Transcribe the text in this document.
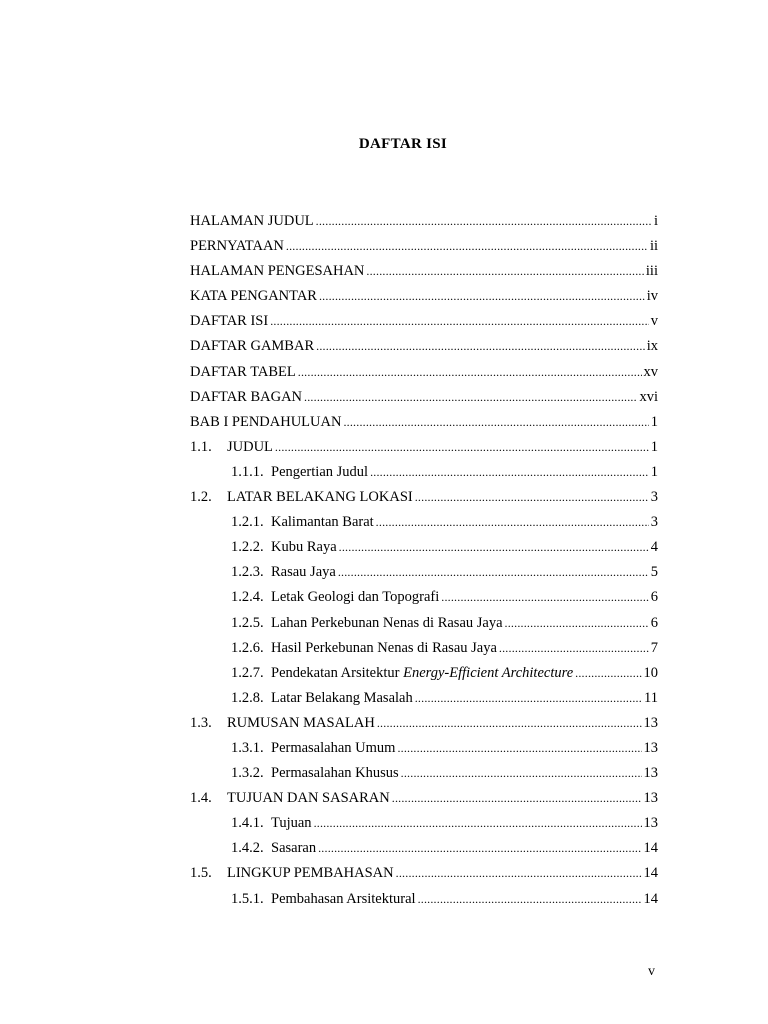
DAFTAR ISI
HALAMAN JUDUL .....	i
PERNYATAAN .....	ii
HALAMAN PENGESAHAN .....	iii
KATA PENGANTAR .....	iv
DAFTAR ISI .....	v
DAFTAR GAMBAR .....	ix
DAFTAR TABEL .....	xv
DAFTAR BAGAN .....	xvi
BAB I PENDAHULUAN .....	1
1.1. JUDUL .....	1
1.1.1. Pengertian Judul .....	1
1.2. LATAR BELAKANG LOKASI .....	3
1.2.1. Kalimantan Barat .....	3
1.2.2. Kubu Raya .....	4
1.2.3. Rasau Jaya .....	5
1.2.4. Letak Geologi dan Topografi .....	6
1.2.5. Lahan Perkebunan Nenas di Rasau Jaya .....	6
1.2.6. Hasil Perkebunan Nenas di Rasau Jaya .....	7
1.2.7. Pendekatan Arsitektur Energy-Efficient Architecture .....	10
1.2.8. Latar Belakang Masalah .....	11
1.3. RUMUSAN MASALAH .....	13
1.3.1. Permasalahan Umum .....	13
1.3.2. Permasalahan Khusus .....	13
1.4. TUJUAN DAN SASARAN .....	13
1.4.1. Tujuan .....	13
1.4.2. Sasaran .....	14
1.5. LINGKUP PEMBAHASAN .....	14
1.5.1. Pembahasan Arsitektural .....	14
v
